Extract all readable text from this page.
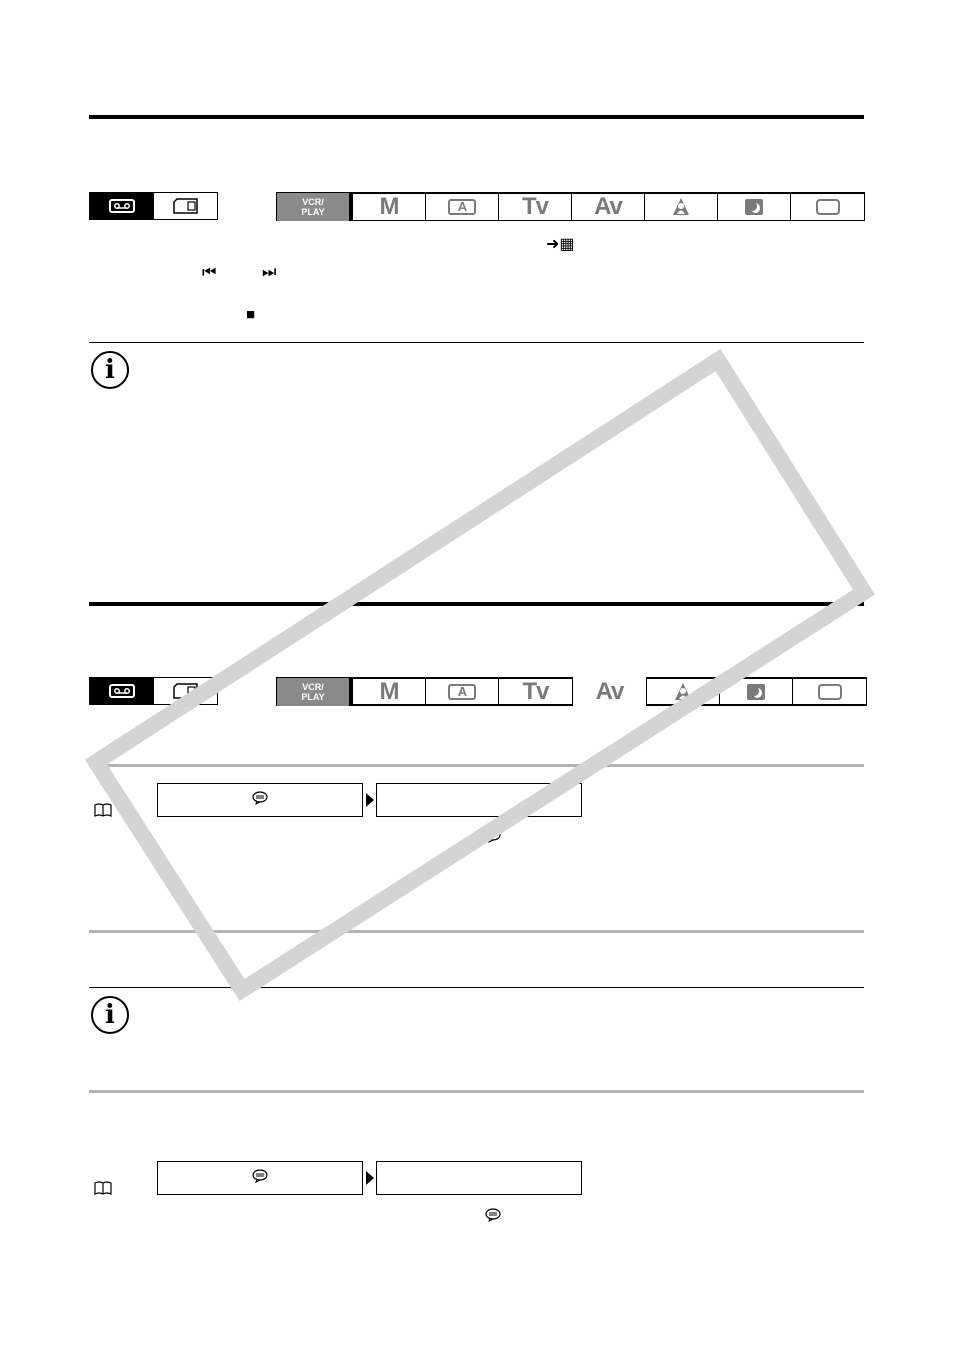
VCR/
PLAY M	A	Tv Av
➜▦
⏮	⏭
■
i
VCR/
PLAY M	A	Tv Av
i
